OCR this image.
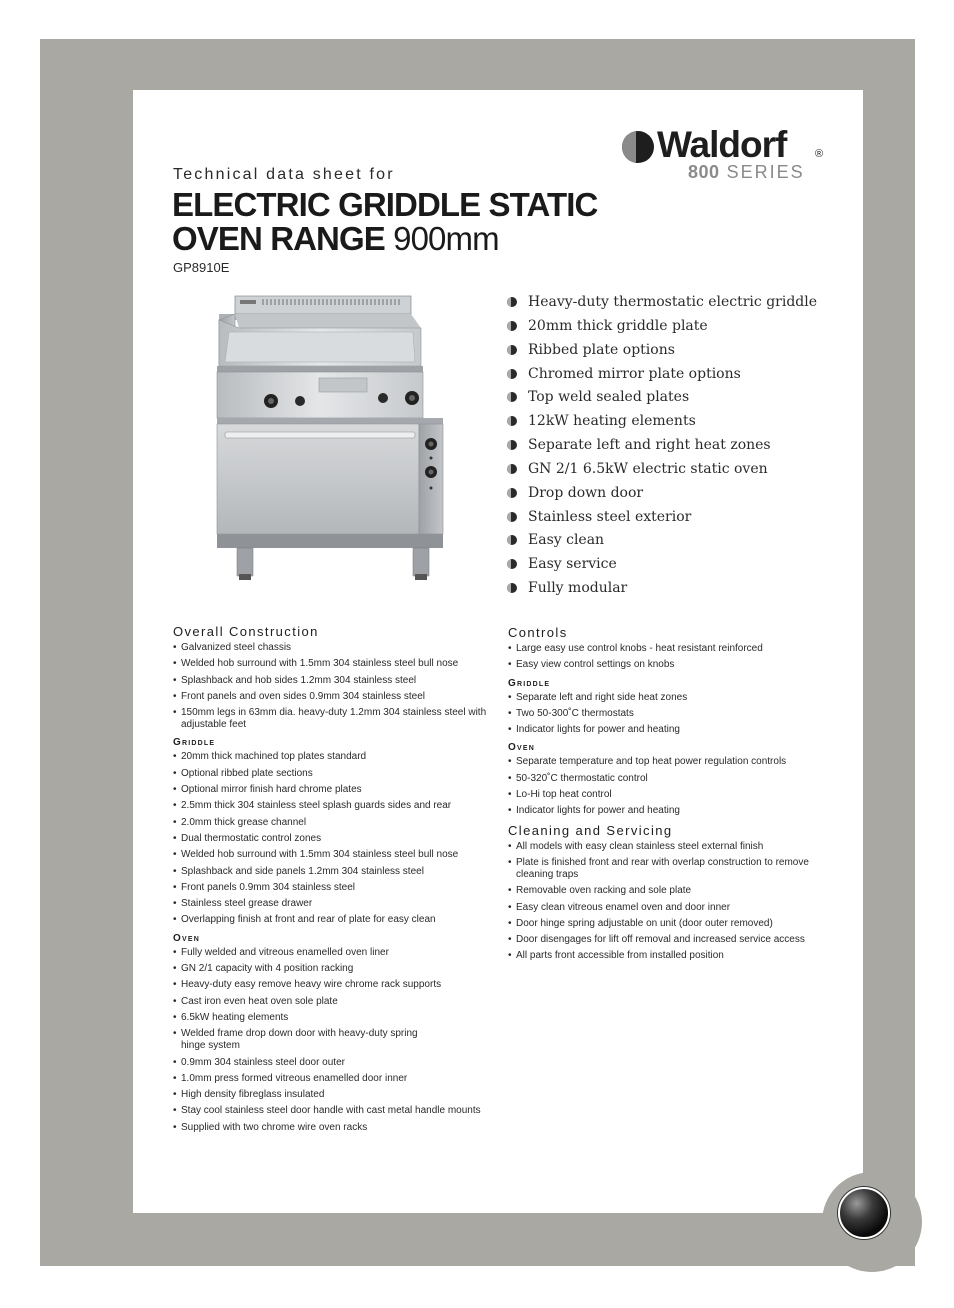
Waldorf	®
800 SERIES
Technical data sheet for
ELECTRIC GRIDDLE STATIC
OVEN RANGE 900mm
GP8910E
Heavy-duty thermostatic electric griddle
20mm thick griddle plate
Ribbed plate options
Chromed mirror plate options
Top weld sealed plates
12kW heating elements
Separate left and right heat zones
GN 2/1 6.5kW electric static oven
Drop down door
Stainless steel exterior
Easy clean
Easy service
Fully modular
Overall Construction
• Galvanized steel chassis
• Welded hob surround with 1.5mm 304 stainless steel bull nose
• Splashback and hob sides 1.2mm 304 stainless steel
• Front panels and oven sides 0.9mm 304 stainless steel
• 150mm legs in 63mm dia. heavy-duty 1.2mm 304 stainless steel with adjustable feet
Griddle
• 20mm thick machined top plates standard
• Optional ribbed plate sections
• Optional mirror finish hard chrome plates
• 2.5mm thick 304 stainless steel splash guards sides and rear
• 2.0mm thick grease channel
• Dual thermostatic control zones
• Welded hob surround with 1.5mm 304 stainless steel bull nose
• Splashback and side panels 1.2mm 304 stainless steel
• Front panels 0.9mm 304 stainless steel
• Stainless steel grease drawer
• Overlapping finish at front and rear of plate for easy clean
Oven
• Fully welded and vitreous enamelled oven liner
• GN 2/1 capacity with 4 position racking
• Heavy-duty easy remove heavy wire chrome rack supports
• Cast iron even heat oven sole plate
• 6.5kW heating elements
• Welded frame drop down door with heavy-duty spring hinge system
• 0.9mm 304 stainless steel door outer
• 1.0mm press formed vitreous enamelled door inner
• High density fibreglass insulated
• Stay cool stainless steel door handle with cast metal handle mounts
• Supplied with two chrome wire oven racks
Controls
• Large easy use control knobs - heat resistant reinforced
• Easy view control settings on knobs
Griddle
• Separate left and right side heat zones
• Two 50-300˚C thermostats
• Indicator lights for power and heating
Oven
• Separate temperature and top heat power regulation controls
• 50-320˚C thermostatic control
• Lo-Hi top heat control
• Indicator lights for power and heating
Cleaning and Servicing
• All models with easy clean stainless steel external finish
• Plate is finished front and rear with overlap construction to remove cleaning traps
• Removable oven racking and sole plate
• Easy clean vitreous enamel oven and door inner
• Door hinge spring adjustable on unit (door outer removed)
• Door disengages for lift off removal and increased service access
• All parts front accessible from installed position
